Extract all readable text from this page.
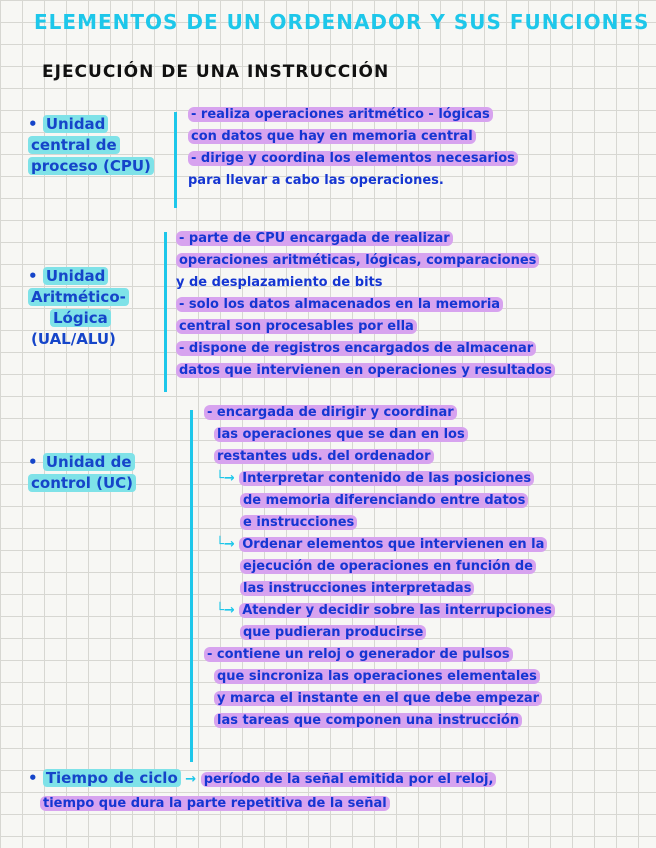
ELEMENTOS DE UN ORDENADOR Y SUS FUNCIONES
EJECUCIÓN DE UNA INSTRUCCIÓN
• Unidad
central de
proceso (CPU)
- realiza operaciones aritmético - lógicas
con datos que hay en memoria central
- dirige y coordina los elementos necesarios
para llevar a cabo las operaciones.
• Unidad
Aritmético-
Lógica
(UAL/ALU)
- parte de CPU encargada de realizar
operaciones aritméticas, lógicas, comparaciones
y de desplazamiento de bits
- solo los datos almacenados en la memoria
central son procesables por ella
- dispone de registros encargados de almacenar
datos que intervienen en operaciones y resultados
• Unidad de
control (UC)
- encargada de dirigir y coordinar
las operaciones que se dan en los
restantes uds. del ordenador
└→ Interpretar contenido de las posiciones
de memoria diferenciando entre datos
e instrucciones
└→ Ordenar elementos que intervienen en la
ejecución de operaciones en función de
las instrucciones interpretadas
└→ Atender y decidir sobre las interrupciones
que pudieran producirse
- contiene un reloj o generador de pulsos
que sincroniza las operaciones elementales
y marca el instante en el que debe empezar
las tareas que componen una instrucción
• Tiempo de ciclo → período de la señal emitida por el reloj,
tiempo que dura la parte repetitiva de la señal
